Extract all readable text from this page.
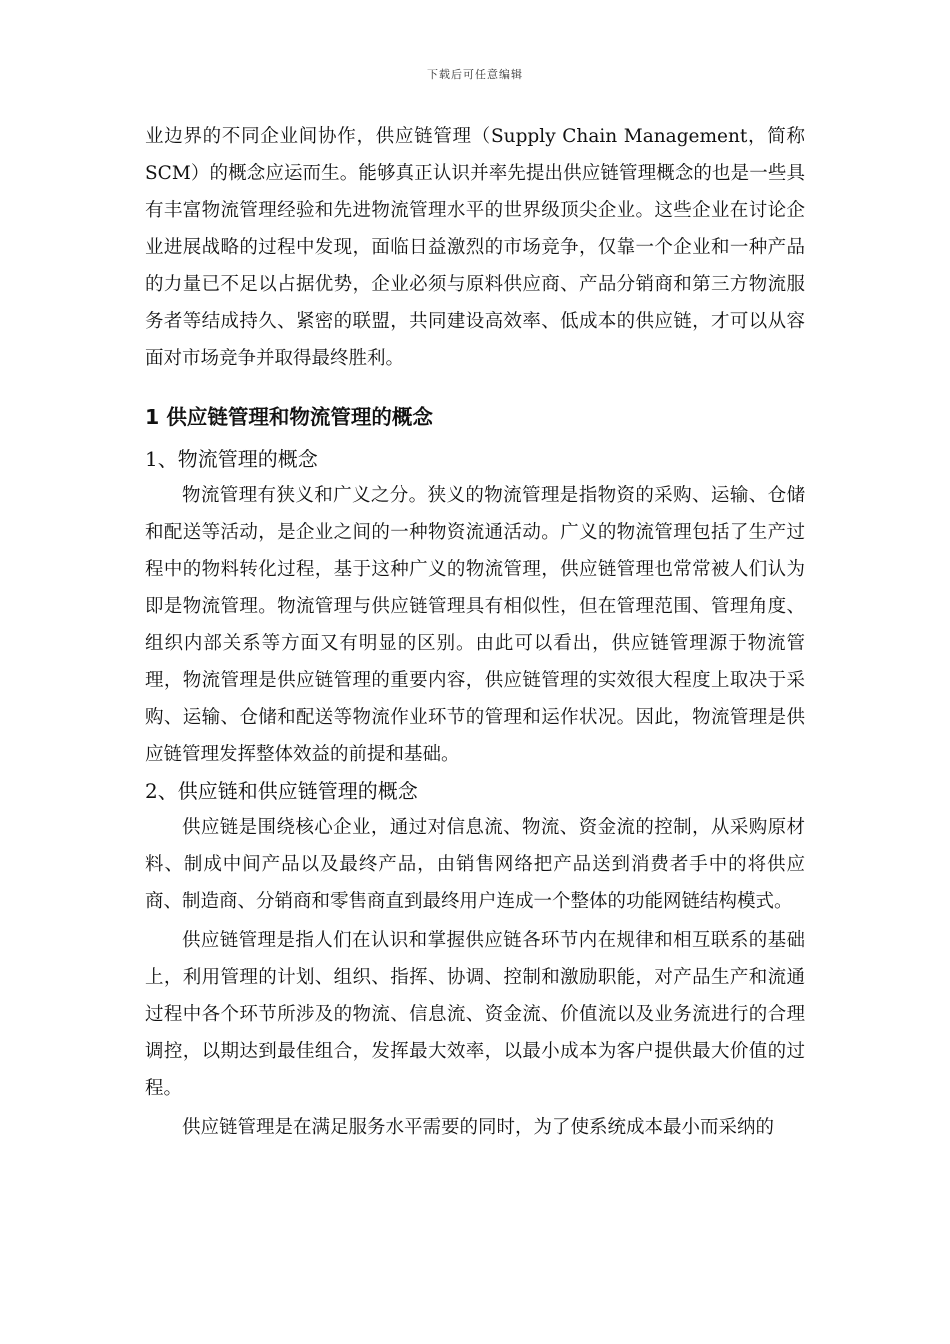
下载后可任意编辑

业边界的不同企业间协作，供应链管理（Supply Chain Management，简称SCM）的概念应运而生。能够真正认识并率先提出供应链管理概念的也是一些具有丰富物流管理经验和先进物流管理水平的世界级顶尖企业。这些企业在讨论企业进展战略的过程中发现，面临日益激烈的市场竞争，仅靠一个企业和一种产品的力量已不足以占据优势，企业必须与原料供应商、产品分销商和第三方物流服务者等结成持久、紧密的联盟，共同建设高效率、低成本的供应链，才可以从容面对市场竞争并取得最终胜利。

1 供应链管理和物流管理的概念
1、物流管理的概念

物流管理有狭义和广义之分。狭义的物流管理是指物资的采购、运输、仓储和配送等活动，是企业之间的一种物资流通活动。广义的物流管理包括了生产过程中的物料转化过程，基于这种广义的物流管理，供应链管理也常常被人们认为即是物流管理。物流管理与供应链管理具有相似性，但在管理范围、管理角度、组织内部关系等方面又有明显的区别。由此可以看出，供应链管理源于物流管理，物流管理是供应链管理的重要内容，供应链管理的实效很大程度上取决于采购、运输、仓储和配送等物流作业环节的管理和运作状况。因此，物流管理是供应链管理发挥整体效益的前提和基础。

2、供应链和供应链管理的概念

供应链是围绕核心企业，通过对信息流、物流、资金流的控制，从采购原材料、制成中间产品以及最终产品，由销售网络把产品送到消费者手中的将供应商、制造商、分销商和零售商直到最终用户连成一个整体的功能网链结构模式。

供应链管理是指人们在认识和掌握供应链各环节内在规律和相互联系的基础上，利用管理的计划、组织、指挥、协调、控制和激励职能，对产品生产和流通过程中各个环节所涉及的物流、信息流、资金流、价值流以及业务流进行的合理调控，以期达到最佳组合，发挥最大效率，以最小成本为客户提供最大价值的过程。

供应链管理是在满足服务水平需要的同时，为了使系统成本最小而采纳的
